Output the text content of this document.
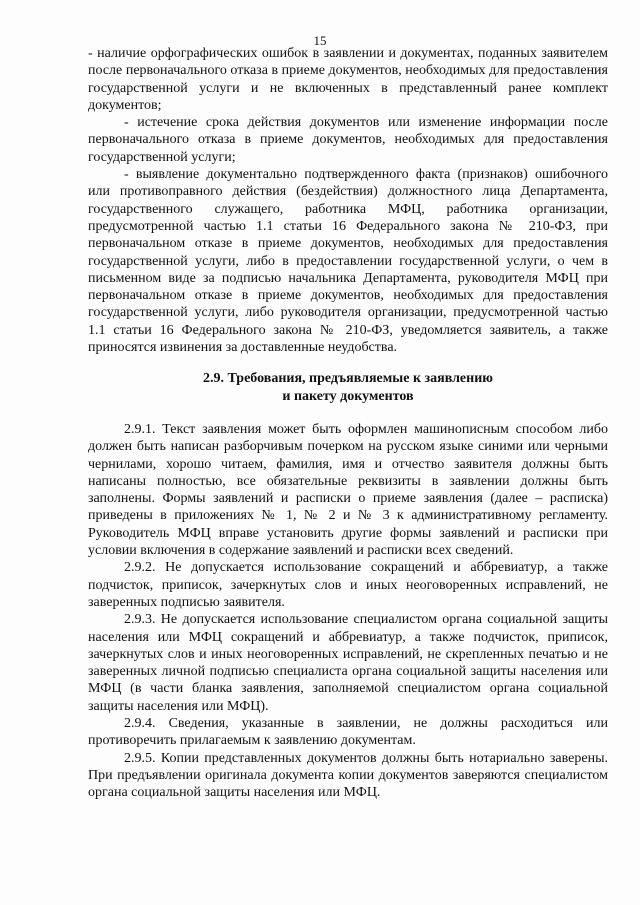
15

- наличие орфографических ошибок в заявлении и документах, поданных заявителем после первоначального отказа в приеме документов, необходимых для предоставления государственной услуги и не включенных в представленный ранее комплект документов;

- истечение срока действия документов или изменение информации после первоначального отказа в приеме документов, необходимых для предоставления государственной услуги;

- выявление документально подтвержденного факта (признаков) ошибочного или противоправного действия (бездействия) должностного лица Департамента, государственного служащего, работника МФЦ, работника организации, предусмотренной частью 1.1 статьи 16 Федерального закона № 210-ФЗ, при первоначальном отказе в приеме документов, необходимых для предоставления государственной услуги, либо в предоставлении государственной услуги, о чем в письменном виде за подписью начальника Департамента, руководителя МФЦ при первоначальном отказе в приеме документов, необходимых для предоставления государственной услуги, либо руководителя организации, предусмотренной частью 1.1 статьи 16 Федерального закона № 210-ФЗ, уведомляется заявитель, а также приносятся извинения за доставленные неудобства.

2.9. Требования, предъявляемые к заявлению
и пакету документов

2.9.1. Текст заявления может быть оформлен машинописным способом либо должен быть написан разборчивым почерком на русском языке синими или черными чернилами, хорошо читаем, фамилия, имя и отчество заявителя должны быть написаны полностью, все обязательные реквизиты в заявлении должны быть заполнены. Формы заявлений и расписки о приеме заявления (далее – расписка) приведены в приложениях № 1, № 2 и № 3 к административному регламенту. Руководитель МФЦ вправе установить другие формы заявлений и расписки при условии включения в содержание заявлений и расписки всех сведений.

2.9.2. Не допускается использование сокращений и аббревиатур, а также подчисток, приписок, зачеркнутых слов и иных неоговоренных исправлений, не заверенных подписью заявителя.

2.9.3. Не допускается использование специалистом органа социальной защиты населения или МФЦ сокращений и аббревиатур, а также подчисток, приписок, зачеркнутых слов и иных неоговоренных исправлений, не скрепленных печатью и не заверенных личной подписью специалиста органа социальной защиты населения или МФЦ (в части бланка заявления, заполняемой специалистом органа социальной защиты населения или МФЦ).

2.9.4. Сведения, указанные в заявлении, не должны расходиться или противоречить прилагаемым к заявлению документам.

2.9.5. Копии представленных документов должны быть нотариально заверены. При предъявлении оригинала документа копии документов заверяются специалистом органа социальной защиты населения или МФЦ.
